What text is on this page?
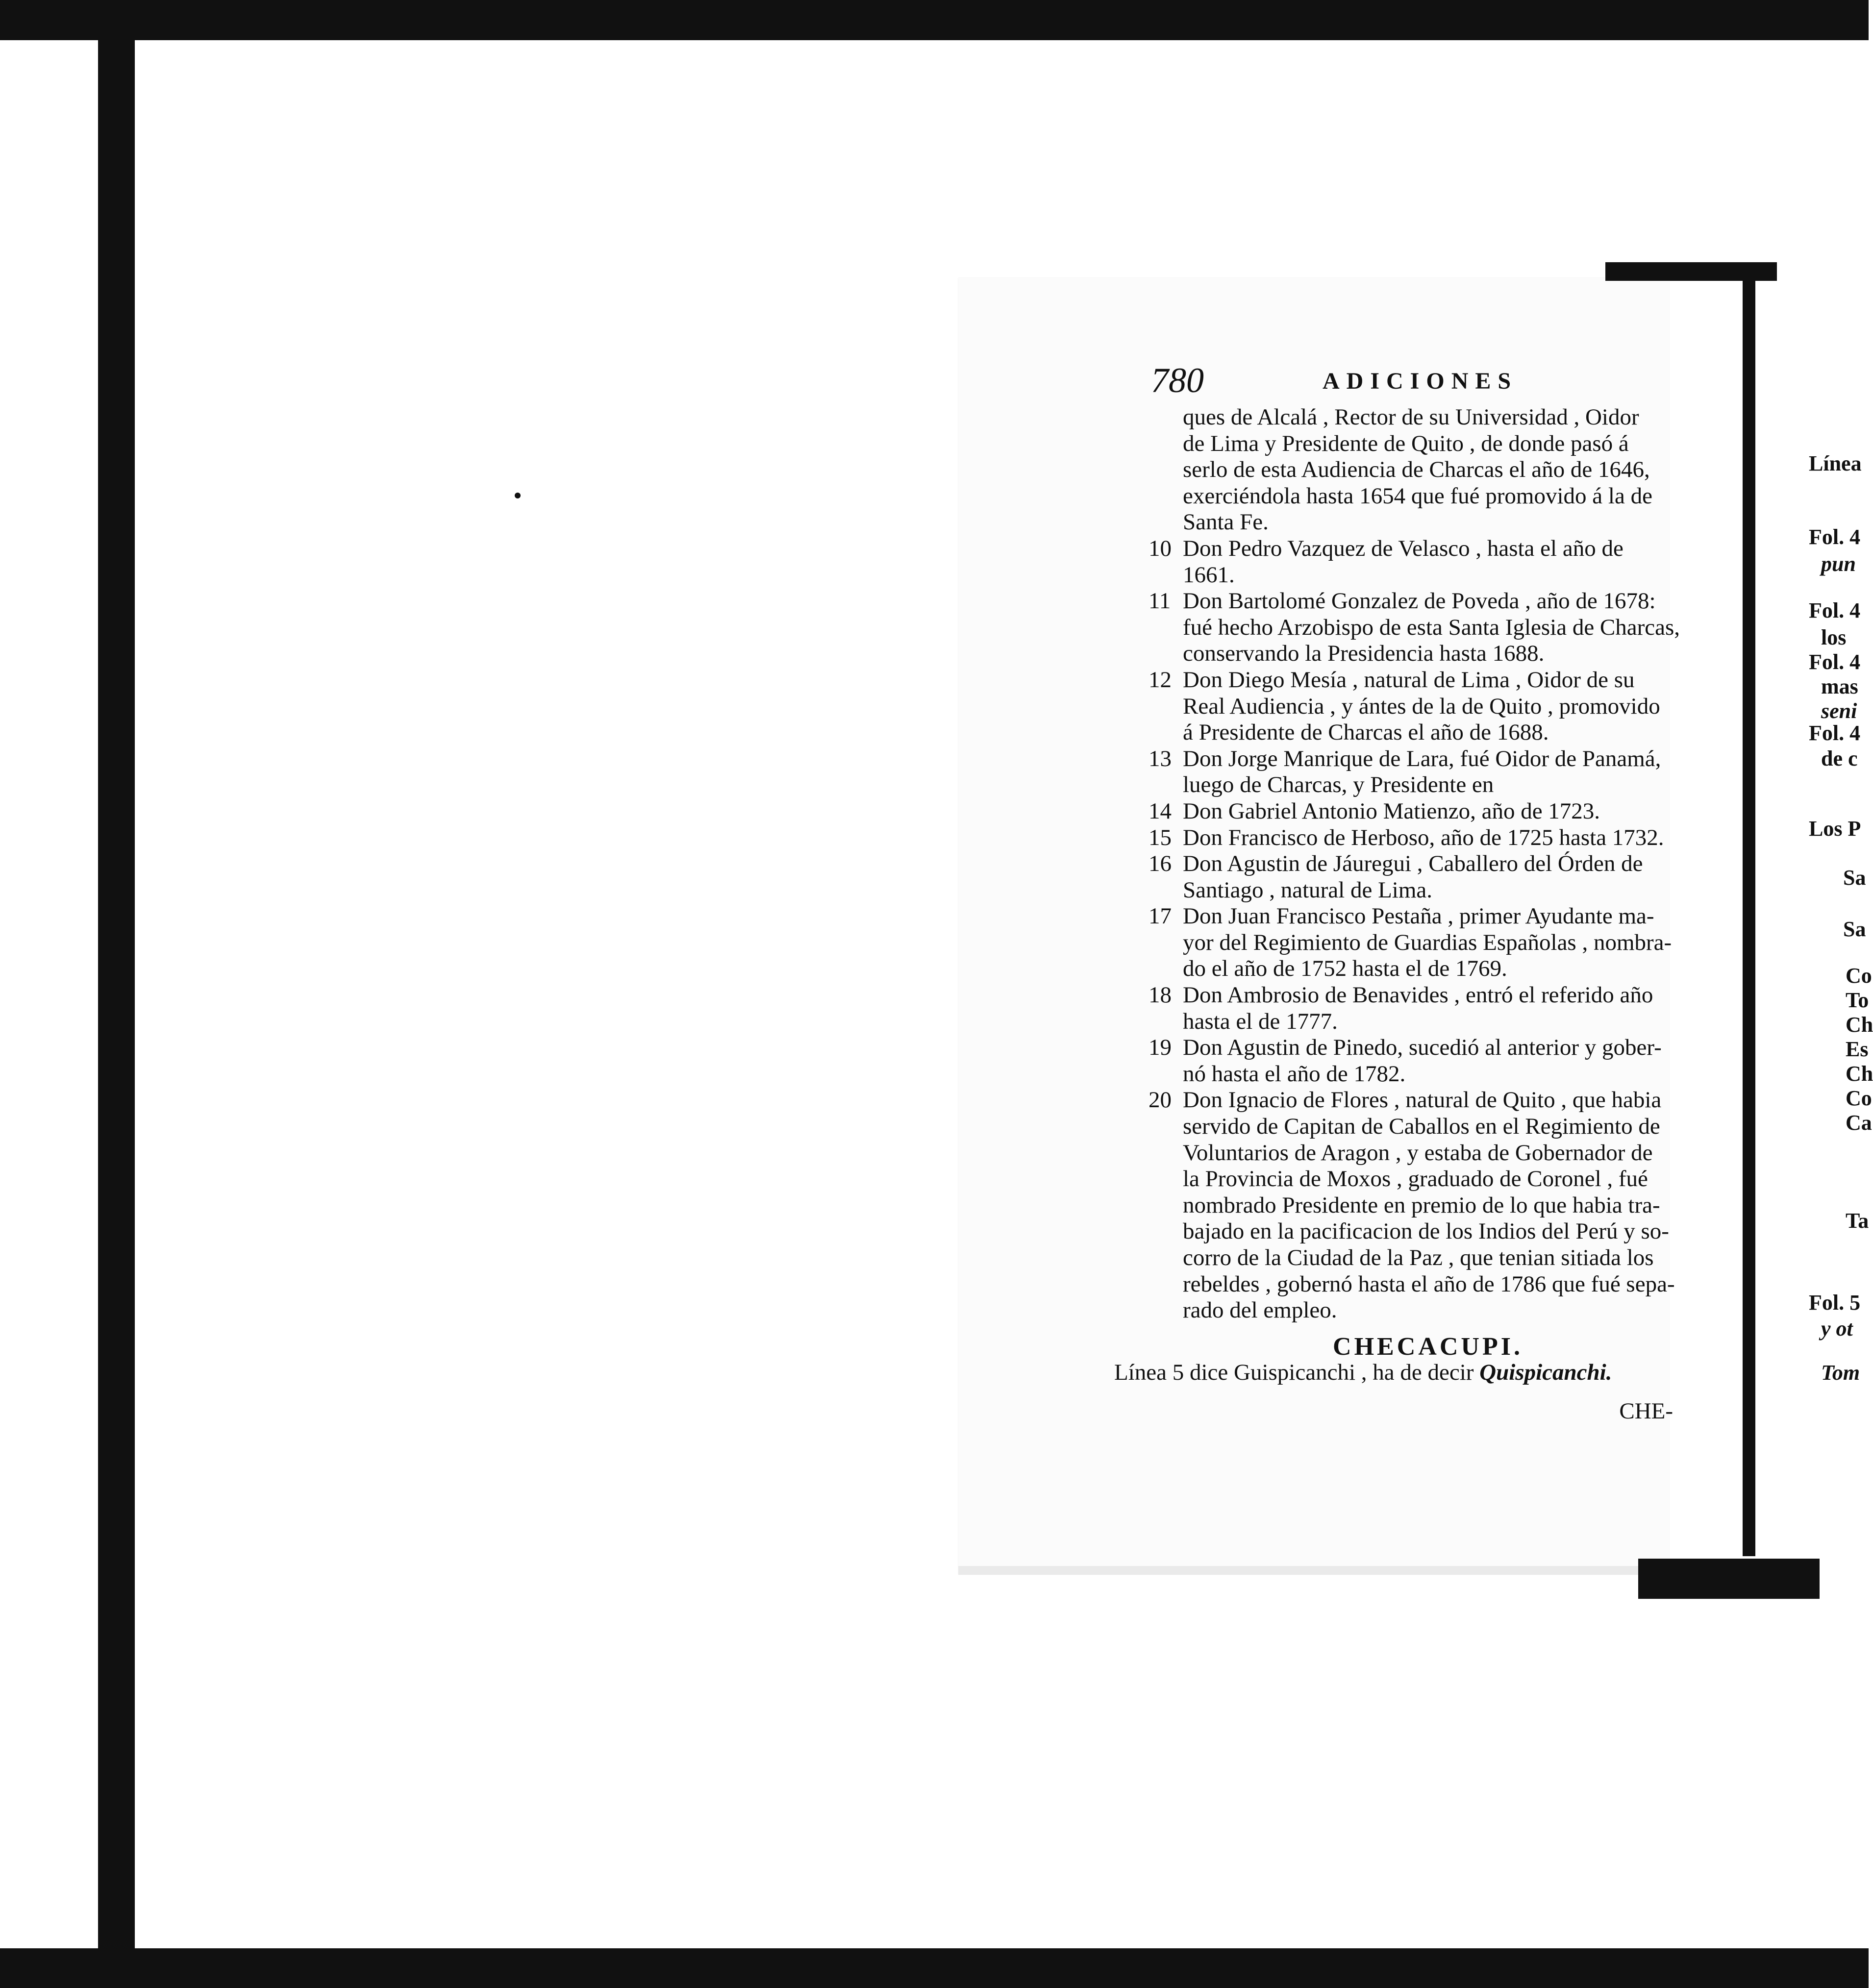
Línea
Fol. 4
pun
Fol. 4
los
Fol. 4
mas
seni
Fol. 4
de c
Los P
Sa
Sa
Co
To
Ch
Es
Ch
Co
Ca
Ta
Fol. 5
y ot
Tom
780	ADICIONES
ques de Alcalá , Rector de su Universidad , Oidor
de Lima y Presidente de Quito , de donde pasó á
serlo de esta Audiencia de Charcas el año de 1646,
exerciéndola hasta 1654 que fué promovido á la de
Santa Fe.
10 Don Pedro Vazquez de Velasco , hasta el año de
1661.
11 Don Bartolomé Gonzalez de Poveda , año de 1678:
fué hecho Arzobispo de esta Santa Iglesia de Charcas,
conservando la Presidencia hasta 1688.
12 Don Diego Mesía , natural de Lima , Oidor de su
Real Audiencia , y ántes de la de Quito , promovido
á Presidente de Charcas el año de 1688.
13 Don Jorge Manrique de Lara, fué Oidor de Panamá,
luego de Charcas, y Presidente en
14 Don Gabriel Antonio Matienzo, año de 1723.
15 Don Francisco de Herboso, año de 1725 hasta 1732.
16 Don Agustin de Jáuregui , Caballero del Órden de
Santiago , natural de Lima.
17 Don Juan Francisco Pestaña , primer Ayudante ma-
yor del Regimiento de Guardias Españolas , nombra-
do el año de 1752 hasta el de 1769.
18 Don Ambrosio de Benavides , entró el referido año
hasta el de 1777.
19 Don Agustin de Pinedo, sucedió al anterior y gober-
nó hasta el año de 1782.
20 Don Ignacio de Flores , natural de Quito , que habia
servido de Capitan de Caballos en el Regimiento de
Voluntarios de Aragon , y estaba de Gobernador de
la Provincia de Moxos , graduado de Coronel , fué
nombrado Presidente en premio de lo que habia tra-
bajado en la pacificacion de los Indios del Perú y so-
corro de la Ciudad de la Paz , que tenian sitiada los
rebeldes , gobernó hasta el año de 1786 que fué sepa-
rado del empleo.
CHECACUPI.
Línea 5 dice Guispicanchi , ha de decir Quispicanchi.
CHE-
